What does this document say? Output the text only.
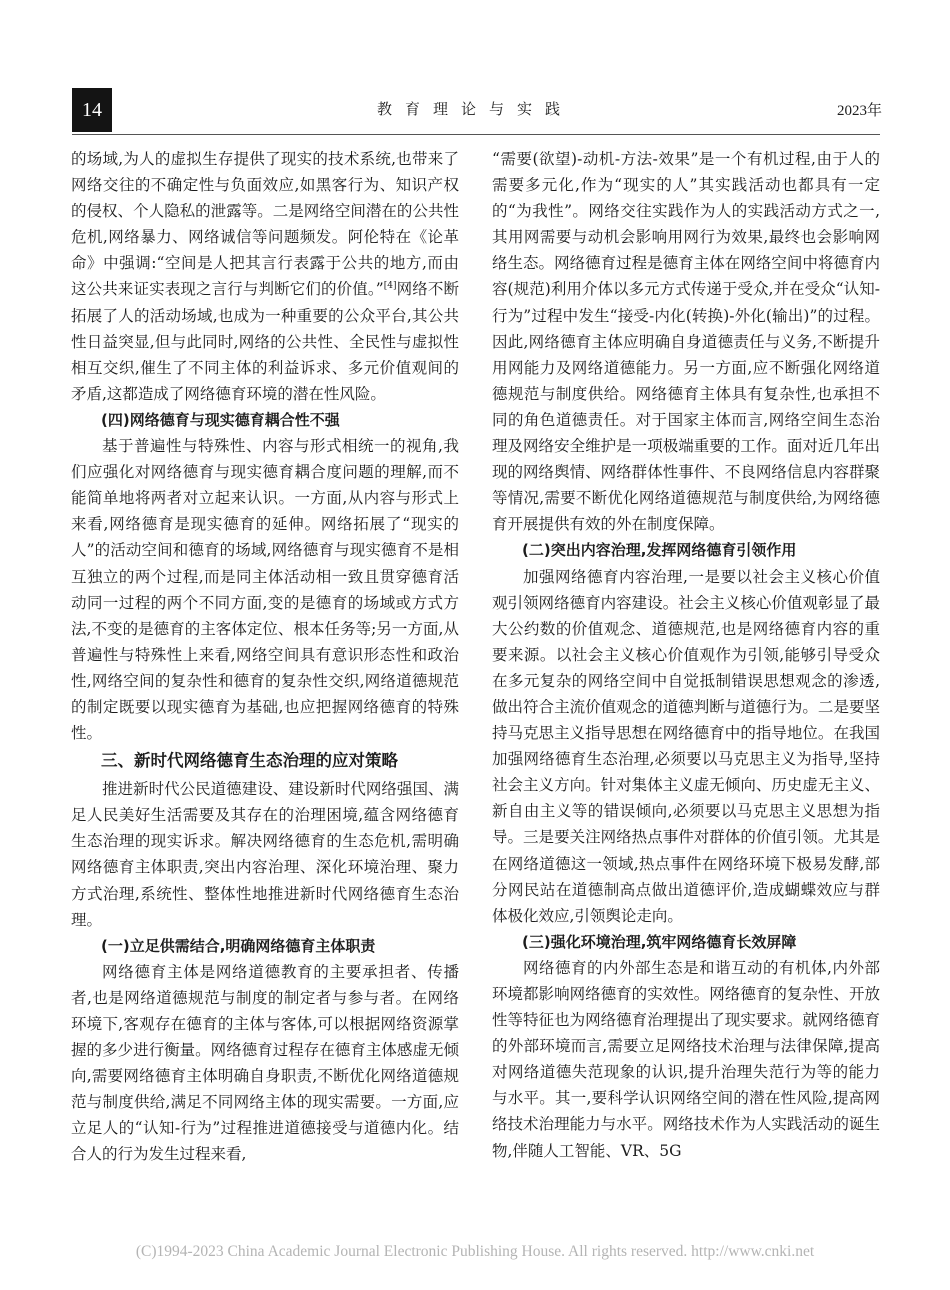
14	教育理论与实践	2023年

的场域,为人的虚拟生存提供了现实的技术系统,也带来了网络交往的不确定性与负面效应,如黑客行为、知识产权的侵权、个人隐私的泄露等。二是网络空间潜在的公共性危机,网络暴力、网络诚信等问题频发。阿伦特在《论革命》中强调:“空间是人把其言行表露于公共的地方,而由这公共来证实表现之言行与判断它们的价值。”[4]网络不断拓展了人的活动场域,也成为一种重要的公众平台,其公共性日益突显,但与此同时,网络的公共性、全民性与虚拟性相互交织,催生了不同主体的利益诉求、多元价值观间的矛盾,这都造成了网络德育环境的潜在性风险。

(四)网络德育与现实德育耦合性不强

基于普遍性与特殊性、内容与形式相统一的视角,我们应强化对网络德育与现实德育耦合度问题的理解,而不能简单地将两者对立起来认识。一方面,从内容与形式上来看,网络德育是现实德育的延伸。网络拓展了“现实的人”的活动空间和德育的场域,网络德育与现实德育不是相互独立的两个过程,而是同主体活动相一致且贯穿德育活动同一过程的两个不同方面,变的是德育的场域或方式方法,不变的是德育的主客体定位、根本任务等;另一方面,从普遍性与特殊性上来看,网络空间具有意识形态性和政治性,网络空间的复杂性和德育的复杂性交织,网络道德规范的制定既要以现实德育为基础,也应把握网络德育的特殊性。

三、新时代网络德育生态治理的应对策略

推进新时代公民道德建设、建设新时代网络强国、满足人民美好生活需要及其存在的治理困境,蕴含网络德育生态治理的现实诉求。解决网络德育的生态危机,需明确网络德育主体职责,突出内容治理、深化环境治理、聚力方式治理,系统性、整体性地推进新时代网络德育生态治理。

(一)立足供需结合,明确网络德育主体职责

网络德育主体是网络道德教育的主要承担者、传播者,也是网络道德规范与制度的制定者与参与者。在网络环境下,客观存在德育的主体与客体,可以根据网络资源掌握的多少进行衡量。网络德育过程存在德育主体感虚无倾向,需要网络德育主体明确自身职责,不断优化网络道德规范与制度供给,满足不同网络主体的现实需要。一方面,应立足人的“认知-行为”过程推进道德接受与道德内化。结合人的行为发生过程来看,

“需要(欲望)-动机-方法-效果”是一个有机过程,由于人的需要多元化,作为“现实的人”其实践活动也都具有一定的“为我性”。网络交往实践作为人的实践活动方式之一,其用网需要与动机会影响用网行为效果,最终也会影响网络生态。网络德育过程是德育主体在网络空间中将德育内容(规范)利用介体以多元方式传递于受众,并在受众“认知-行为”过程中发生“接受-内化(转换)-外化(输出)”的过程。因此,网络德育主体应明确自身道德责任与义务,不断提升用网能力及网络道德能力。另一方面,应不断强化网络道德规范与制度供给。网络德育主体具有复杂性,也承担不同的角色道德责任。对于国家主体而言,网络空间生态治理及网络安全维护是一项极端重要的工作。面对近几年出现的网络舆情、网络群体性事件、不良网络信息内容群聚等情况,需要不断优化网络道德规范与制度供给,为网络德育开展提供有效的外在制度保障。

(二)突出内容治理,发挥网络德育引领作用

加强网络德育内容治理,一是要以社会主义核心价值观引领网络德育内容建设。社会主义核心价值观彰显了最大公约数的价值观念、道德规范,也是网络德育内容的重要来源。以社会主义核心价值观作为引领,能够引导受众在多元复杂的网络空间中自觉抵制错误思想观念的渗透,做出符合主流价值观念的道德判断与道德行为。二是要坚持马克思主义指导思想在网络德育中的指导地位。在我国加强网络德育生态治理,必须要以马克思主义为指导,坚持社会主义方向。针对集体主义虚无倾向、历史虚无主义、新自由主义等的错误倾向,必须要以马克思主义思想为指导。三是要关注网络热点事件对群体的价值引领。尤其是在网络道德这一领域,热点事件在网络环境下极易发酵,部分网民站在道德制高点做出道德评价,造成蝴蝶效应与群体极化效应,引领舆论走向。

(三)强化环境治理,筑牢网络德育长效屏障

网络德育的内外部生态是和谐互动的有机体,内外部环境都影响网络德育的实效性。网络德育的复杂性、开放性等特征也为网络德育治理提出了现实要求。就网络德育的外部环境而言,需要立足网络技术治理与法律保障,提高对网络道德失范现象的认识,提升治理失范行为等的能力与水平。其一,要科学认识网络空间的潜在性风险,提高网络技术治理能力与水平。网络技术作为人实践活动的诞生物,伴随人工智能、VR、5G

(C)1994-2023 China Academic Journal Electronic Publishing House. All rights reserved. http://www.cnki.net
